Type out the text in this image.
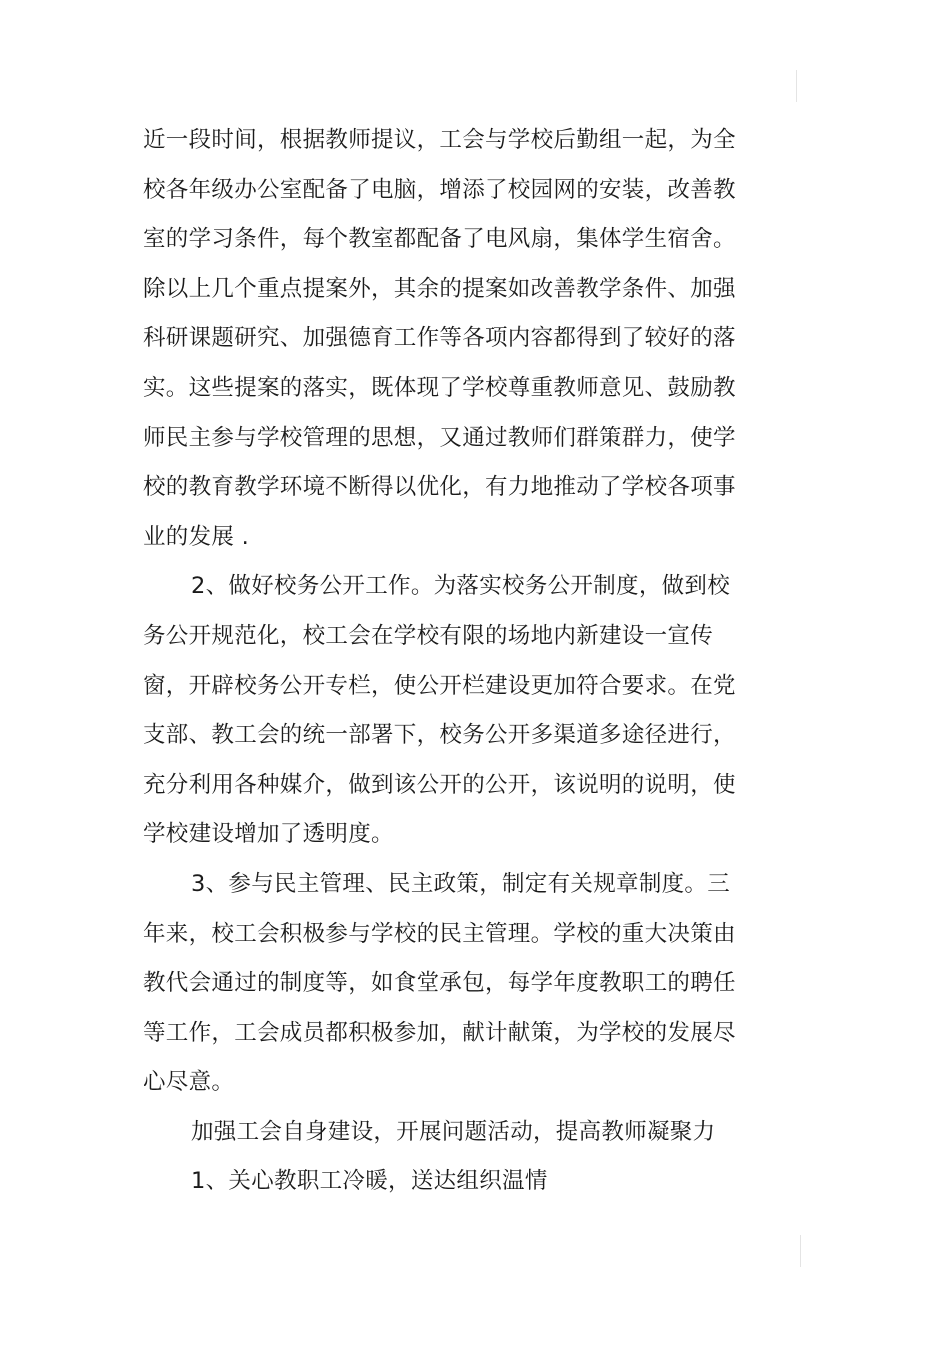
近一段时间，根据教师提议，工会与学校后勤组一起，为全
校各年级办公室配备了电脑，增添了校园网的安装，改善教
室的学习条件，每个教室都配备了电风扇，集体学生宿舍。
除以上几个重点提案外，其余的提案如改善教学条件、加强
科研课题研究、加强德育工作等各项内容都得到了较好的落
实。这些提案的落实，既体现了学校尊重教师意见、鼓励教
师民主参与学校管理的思想，又通过教师们群策群力，使学
校的教育教学环境不断得以优化，有力地推动了学校各项事
业的发展 .
2、做好校务公开工作。为落实校务公开制度，做到校
务公开规范化，校工会在学校有限的场地内新建设一宣传
窗，开辟校务公开专栏，使公开栏建设更加符合要求。在党
支部、教工会的统一部署下，校务公开多渠道多途径进行，
充分利用各种媒介，做到该公开的公开，该说明的说明，使
学校建设增加了透明度。
3、参与民主管理、民主政策，制定有关规章制度。三
年来，校工会积极参与学校的民主管理。学校的重大决策由
教代会通过的制度等，如食堂承包，每学年度教职工的聘任
等工作，工会成员都积极参加，献计献策，为学校的发展尽
心尽意。
加强工会自身建设，开展问题活动，提高教师凝聚力
1、关心教职工冷暖，送达组织温情
